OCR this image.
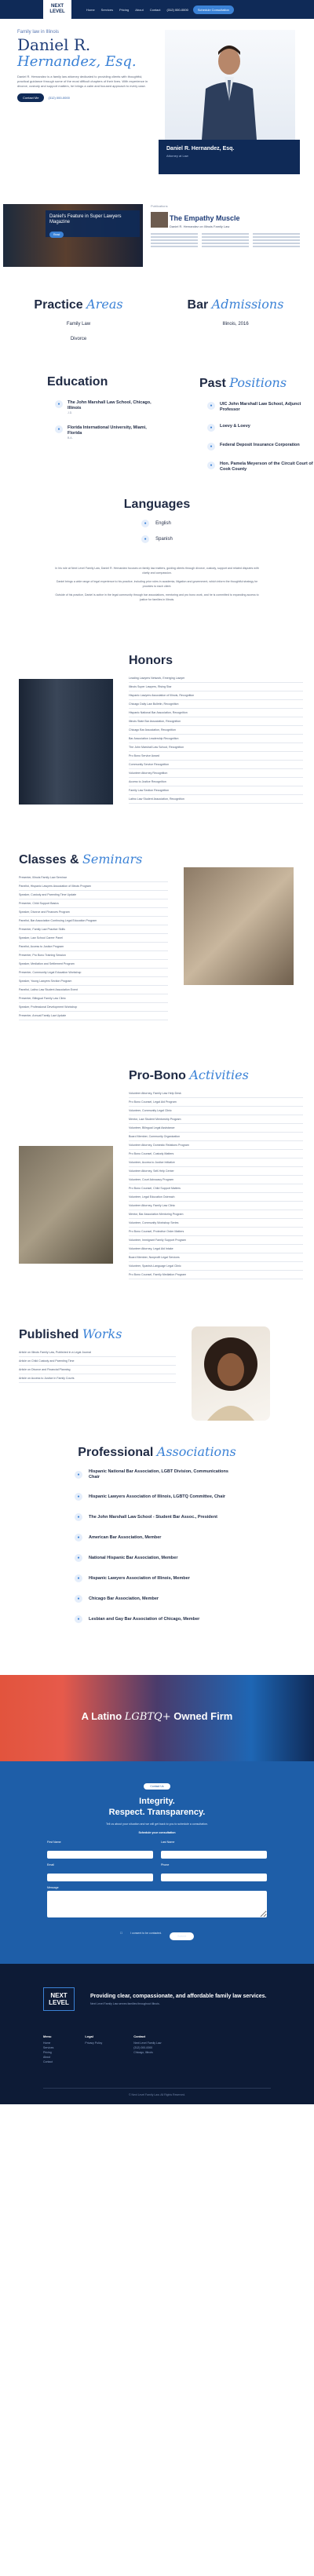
NEXT
LEVEL	Home Services Pricing About Contact (312) 000-0000	Schedule Consultation
Family law in Illinois
Daniel R.
Hernandez, Esq.

Daniel R. Hernandez is a family law attorney dedicated to providing clients with thoughtful, practical guidance through some of the most difficult chapters of their lives. With experience in divorce, custody and support matters, he brings a calm and focused approach to every case.

Contact Me	(312) 000-0000
Daniel R. Hernandez, Esq.
Attorney at Law
Daniel's Feature in Super Lawyers Magazine
Read
Publications
The Empathy Muscle
Daniel R. Hernandez on Illinois Family Law
Practice Areas
Family Law
Divorce
Bar Admissions
Illinois, 2016
Education
●	The John Marshall Law School, Chicago, Illinois
J.D.
●	Florida International University, Miami, Florida
B.A.
Past Positions
●	UIC John Marshall Law School, Adjunct Professor
●	Loevy & Loevy
●	Federal Deposit Insurance Corporation
●	Hon. Pamela Meyerson of the Circuit Court of Cook County
Languages
●	English
●	Spanish

In his role at Next Level Family Law, Daniel R. Hernandez focuses on family law matters, guiding clients through divorce, custody, support and related disputes with clarity and compassion.

Daniel brings a wide range of legal experience to his practice, including prior roles in academia, litigation and government, which inform the thoughtful strategy he provides to each client.

Outside of his practice, Daniel is active in the legal community through bar associations, mentoring and pro bono work, and he is committed to expanding access to justice for families in Illinois.

Honors
Leading Lawyers Network, Emerging Lawyer
Illinois Super Lawyers, Rising Star
Hispanic Lawyers Association of Illinois, Recognition
Chicago Daily Law Bulletin, Recognition
Hispanic National Bar Association, Recognition
Illinois State Bar Association, Recognition
Chicago Bar Association, Recognition
Bar Association Leadership Recognition
The John Marshall Law School, Recognition
Pro Bono Service Award
Community Service Recognition
Volunteer Attorney Recognition
Access to Justice Recognition
Family Law Section Recognition
Latino Law Student Association, Recognition
Classes & Seminars
Presenter, Illinois Family Law Seminar
Panelist, Hispanic Lawyers Association of Illinois Program
Speaker, Custody and Parenting Time Update
Presenter, Child Support Basics
Speaker, Divorce and Finances Program
Panelist, Bar Association Continuing Legal Education Program
Presenter, Family Law Practice Skills
Speaker, Law School Career Panel
Panelist, Access to Justice Program
Presenter, Pro Bono Training Session
Speaker, Mediation and Settlement Program
Presenter, Community Legal Education Workshop
Speaker, Young Lawyers Section Program
Panelist, Latino Law Student Association Event
Presenter, Bilingual Family Law Clinic
Speaker, Professional Development Workshop
Presenter, Annual Family Law Update
Pro-Bono Activities
Volunteer Attorney, Family Law Help Desk
Pro Bono Counsel, Legal Aid Program
Volunteer, Community Legal Clinic
Mentor, Law Student Mentorship Program
Volunteer, Bilingual Legal Assistance
Board Member, Community Organization
Volunteer Attorney, Domestic Relations Program
Pro Bono Counsel, Custody Matters
Volunteer, Access to Justice Initiative
Volunteer Attorney, Self-Help Center
Volunteer, Court Advocacy Program
Pro Bono Counsel, Child Support Matters
Volunteer, Legal Education Outreach
Volunteer Attorney, Family Law Clinic
Mentor, Bar Association Mentoring Program
Volunteer, Community Workshop Series
Pro Bono Counsel, Protective Order Matters
Volunteer, Immigrant Family Support Program
Volunteer Attorney, Legal Aid Intake
Board Member, Nonprofit Legal Services
Volunteer, Spanish-Language Legal Clinic
Pro Bono Counsel, Family Mediation Program
Published Works
Article on Illinois Family Law, Published in a Legal Journal
Article on Child Custody and Parenting Time
Article on Divorce and Financial Planning
Article on Access to Justice in Family Courts
Professional Associations
●
Hispanic National Bar Association, LGBT Division, Communications Chair
●	Hispanic Lawyers Association of Illinois, LGBTQ Committee, Chair
●	The John Marshall Law School - Student Bar Assoc., President
●	American Bar Association, Member
●	National Hispanic Bar Association, Member
●	Hispanic Lawyers Association of Illinois, Member
●	Chicago Bar Association, Member
●	Lesbian and Gay Bar Association of Chicago, Member
A Latino LGBTQ+ Owned Firm
Contact Us
Integrity.
Respect. Transparency.
Tell us about your situation and we will get back to you to schedule a consultation.
Schedule your consultation
First Name	Last Name
Email	Phone
Message
☐	I consent to be contacted.
Submit
NEXT
LEVEL
Providing clear, compassionate, and affordable family law services.
Next Level Family Law serves families throughout Illinois.
Menu
Home
Services
Pricing
About
Contact
Legal
Privacy Policy
Contact
Next Level Family Law
(312) 000-0000
Chicago, Illinois
© Next Level Family Law. All Rights Reserved.
